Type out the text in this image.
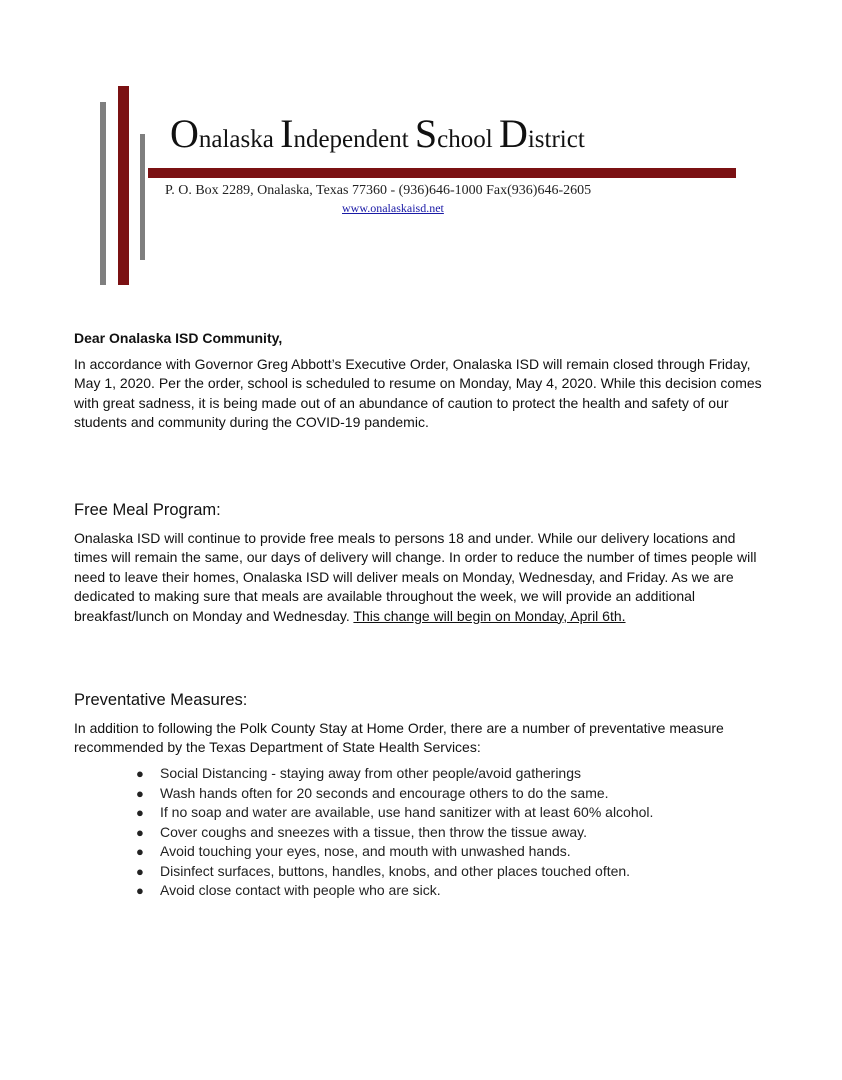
Onalaska Independent School District

P. O. Box 2289, Onalaska, Texas 77360 - (936)646-1000 Fax(936)646-2605

www.onalaskaisd.net

Dear Onalaska ISD Community,

In accordance with Governor Greg Abbott’s Executive Order, Onalaska ISD will remain closed through Friday, May 1, 2020. Per the order, school is scheduled to resume on Monday, May 4, 2020. While this decision comes with great sadness, it is being made out of an abundance of caution to protect the health and safety of our students and community during the COVID-19 pandemic.

Free Meal Program:

Onalaska ISD will continue to provide free meals to persons 18 and under. While our delivery locations and times will remain the same, our days of delivery will change. In order to reduce the number of times people will need to leave their homes, Onalaska ISD will deliver meals on Monday, Wednesday, and Friday. As we are dedicated to making sure that meals are available throughout the week, we will provide an additional breakfast/lunch on Monday and Wednesday. This change will begin on Monday, April 6th.

Preventative Measures:

In addition to following the Polk County Stay at Home Order, there are a number of preventative measure recommended by the Texas Department of State Health Services:

● Social Distancing - staying away from other people/avoid gatherings
● Wash hands often for 20 seconds and encourage others to do the same.
● If no soap and water are available, use hand sanitizer with at least 60% alcohol.
● Cover coughs and sneezes with a tissue, then throw the tissue away.
● Avoid touching your eyes, nose, and mouth with unwashed hands.
● Disinfect surfaces, buttons, handles, knobs, and other places touched often.
● Avoid close contact with people who are sick.
